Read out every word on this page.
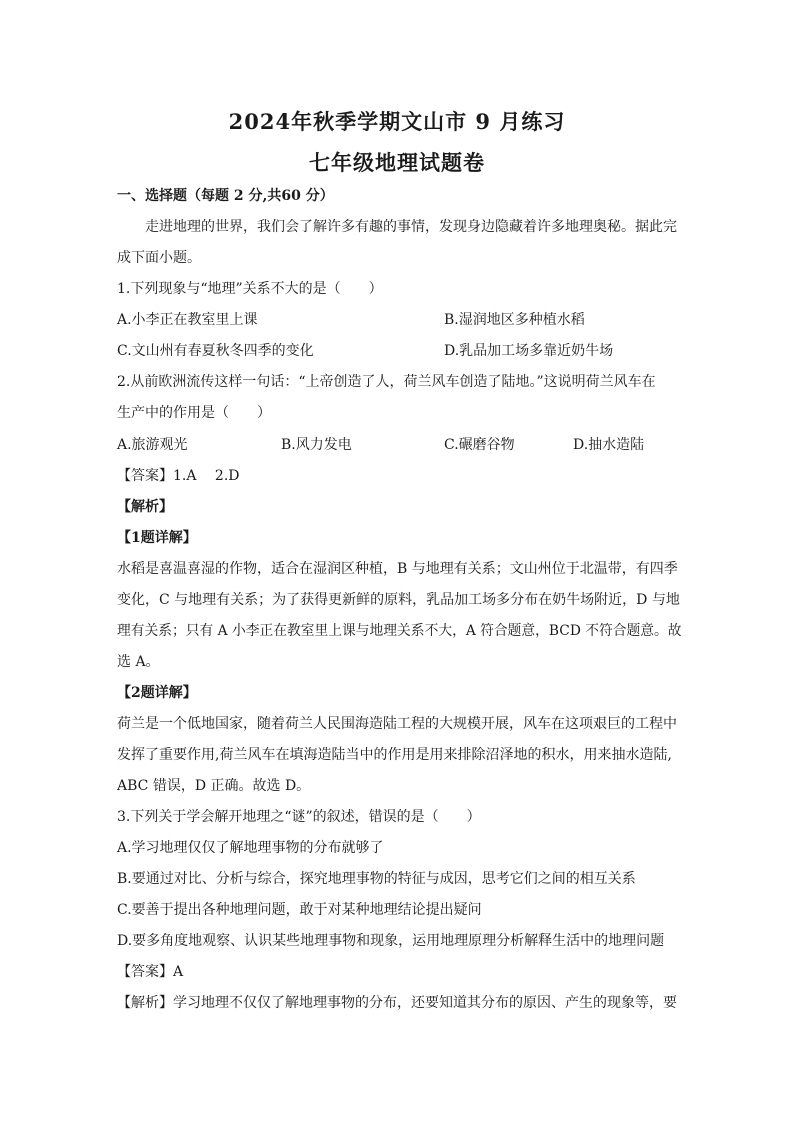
2024年秋季学期文山市 9 月练习
七年级地理试题卷
一、选择题（每题 2 分,共60 分）
走进地理的世界，我们会了解许多有趣的事情，发现身边隐藏着许多地理奥秘。据此完
成下面小题。
1.下列现象与“地理”关系不大的是（　　）
A.小李正在教室里上课	B.湿润地区多种植水稻
C.文山州有春夏秋冬四季的变化	D.乳品加工场多靠近奶牛场
2.从前欧洲流传这样一句话：“上帝创造了人，荷兰风车创造了陆地。”这说明荷兰风车在
生产中的作用是（　　）
A.旅游观光	B.风力发电	C.碾磨谷物	D.抽水造陆
【答案】1.A　 2.D
【解析】
【1题详解】
水稻是喜温喜湿的作物，适合在湿润区种植，B 与地理有关系；文山州位于北温带，有四季
变化，C 与地理有关系；为了获得更新鲜的原料，乳品加工场多分布在奶牛场附近，D 与地
理有关系；只有 A 小李正在教室里上课与地理关系不大，A 符合题意，BCD 不符合题意。故
选 A。
【2题详解】
荷兰是一个低地国家，随着荷兰人民围海造陆工程的大规模开展，风车在这项艰巨的工程中
发挥了重要作用,荷兰风车在填海造陆当中的作用是用来排除沼泽地的积水，用来抽水造陆,
ABC 错误，D 正确。故选 D。
3.下列关于学会解开地理之“谜”的叙述，错误的是（　　）
A.学习地理仅仅了解地理事物的分布就够了
B.要通过对比、分析与综合，探究地理事物的特征与成因，思考它们之间的相互关系
C.要善于提出各种地理问题，敢于对某种地理结论提出疑问
D.要多角度地观察、认识某些地理事物和现象，运用地理原理分析解释生活中的地理问题
【答案】A
【解析】学习地理不仅仅了解地理事物的分布，还要知道其分布的原因、产生的现象等，要
